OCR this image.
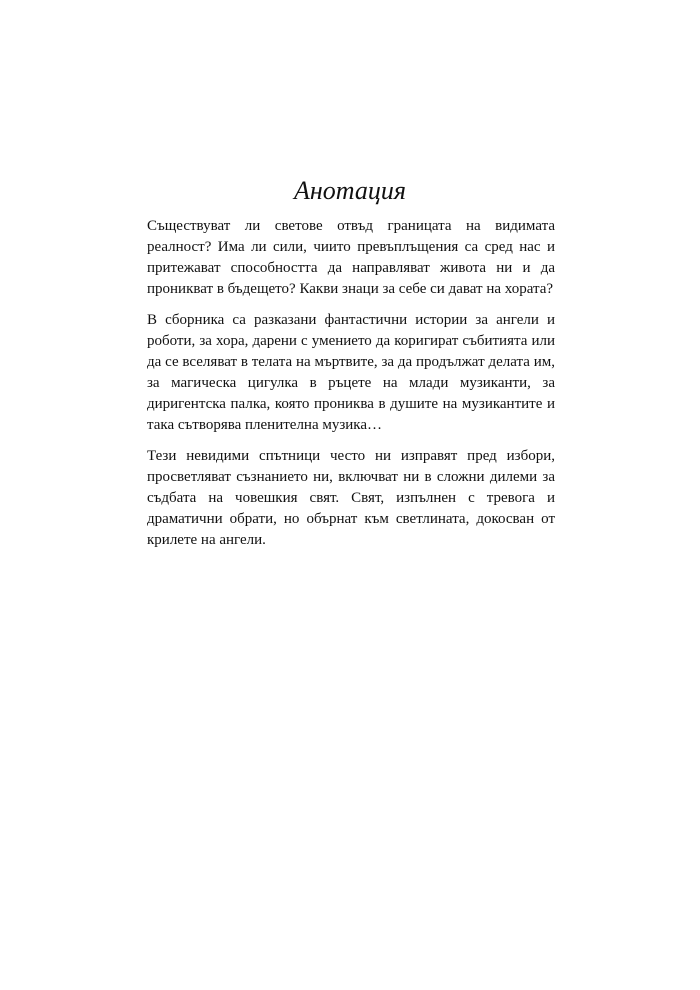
Анотация

Съществуват ли светове отвъд границата на видимата реалност? Има ли сили, чиито превъплъщения са сред нас и притежават способността да направляват живота ни и да проникват в бъдещето? Какви знаци за себе си дават на хората?

В сборника са разказани фантастични истории за ангели и роботи, за хора, дарени с умението да коригират събитията или да се вселяват в телата на мъртвите, за да продължат делата им, за магическа цигулка в ръцете на млади музиканти, за диригентска палка, която прониква в душите на музикантите и така сътворява пленителна музика…

Тези невидими спътници често ни изправят пред избори, просветляват съзнанието ни, включват ни в сложни дилеми за съдбата на човешкия свят. Свят, изпълнен с тревога и драматични обрати, но обърнат към светлината, докосван от крилете на ангели.
